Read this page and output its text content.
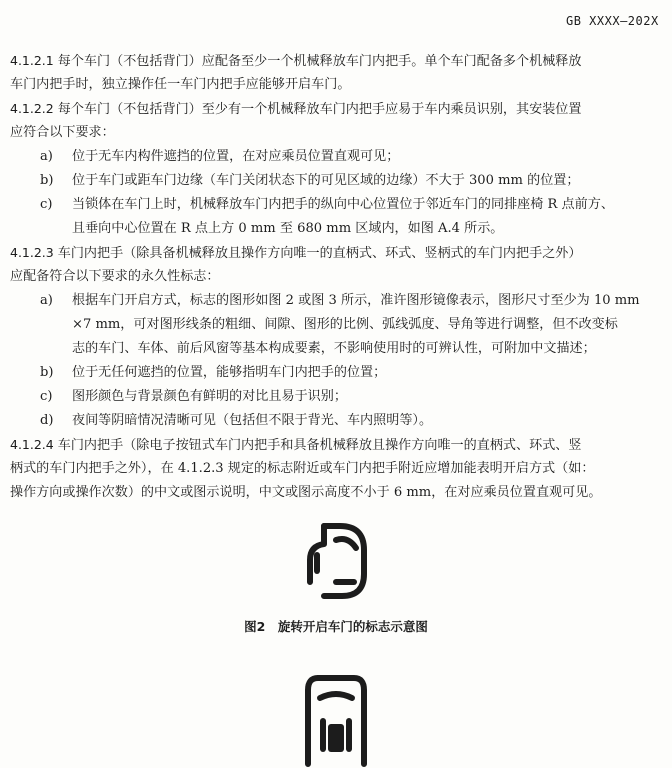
GB XXXX—202X
4.1.2.1 每个车门（不包括背门）应配备至少一个机械释放车门内把手。单个车门配备多个机械释放
车门内把手时，独立操作任一车门内把手应能够开启车门。
4.1.2.2 每个车门（不包括背门）至少有一个机械释放车门内把手应易于车内乘员识别，其安装位置
应符合以下要求：
a) 位于无车内构件遮挡的位置，在对应乘员位置直观可见；
b) 位于车门或距车门边缘（车门关闭状态下的可见区域的边缘）不大于 300 mm 的位置；
c) 当锁体在车门上时，机械释放车门内把手的纵向中心位置位于邻近车门的同排座椅 R 点前方、
且垂向中心位置在 R 点上方 0 mm 至 680 mm 区域内，如图 A.4 所示。
4.1.2.3 车门内把手（除具备机械释放且操作方向唯一的直柄式、环式、竖柄式的车门内把手之外）
应配备符合以下要求的永久性标志：
a) 根据车门开启方式，标志的图形如图 2 或图 3 所示，准许图形镜像表示，图形尺寸至少为 10 mm
×7 mm，可对图形线条的粗细、间隙、图形的比例、弧线弧度、导角等进行调整，但不改变标
志的车门、车体、前后风窗等基本构成要素，不影响使用时的可辨认性，可附加中文描述；
b) 位于无任何遮挡的位置，能够指明车门内把手的位置；
c) 图形颜色与背景颜色有鲜明的对比且易于识别；
d) 夜间等阴暗情况清晰可见（包括但不限于背光、车内照明等）。
4.1.2.4 车门内把手（除电子按钮式车门内把手和具备机械释放且操作方向唯一的直柄式、环式、竖
柄式的车门内把手之外），在 4.1.2.3 规定的标志附近或车门内把手附近应增加能表明开启方式（如：
操作方向或操作次数）的中文或图示说明，中文或图示高度不小于 6 mm，在对应乘员位置直观可见。
图2　旋转开启车门的标志示意图
